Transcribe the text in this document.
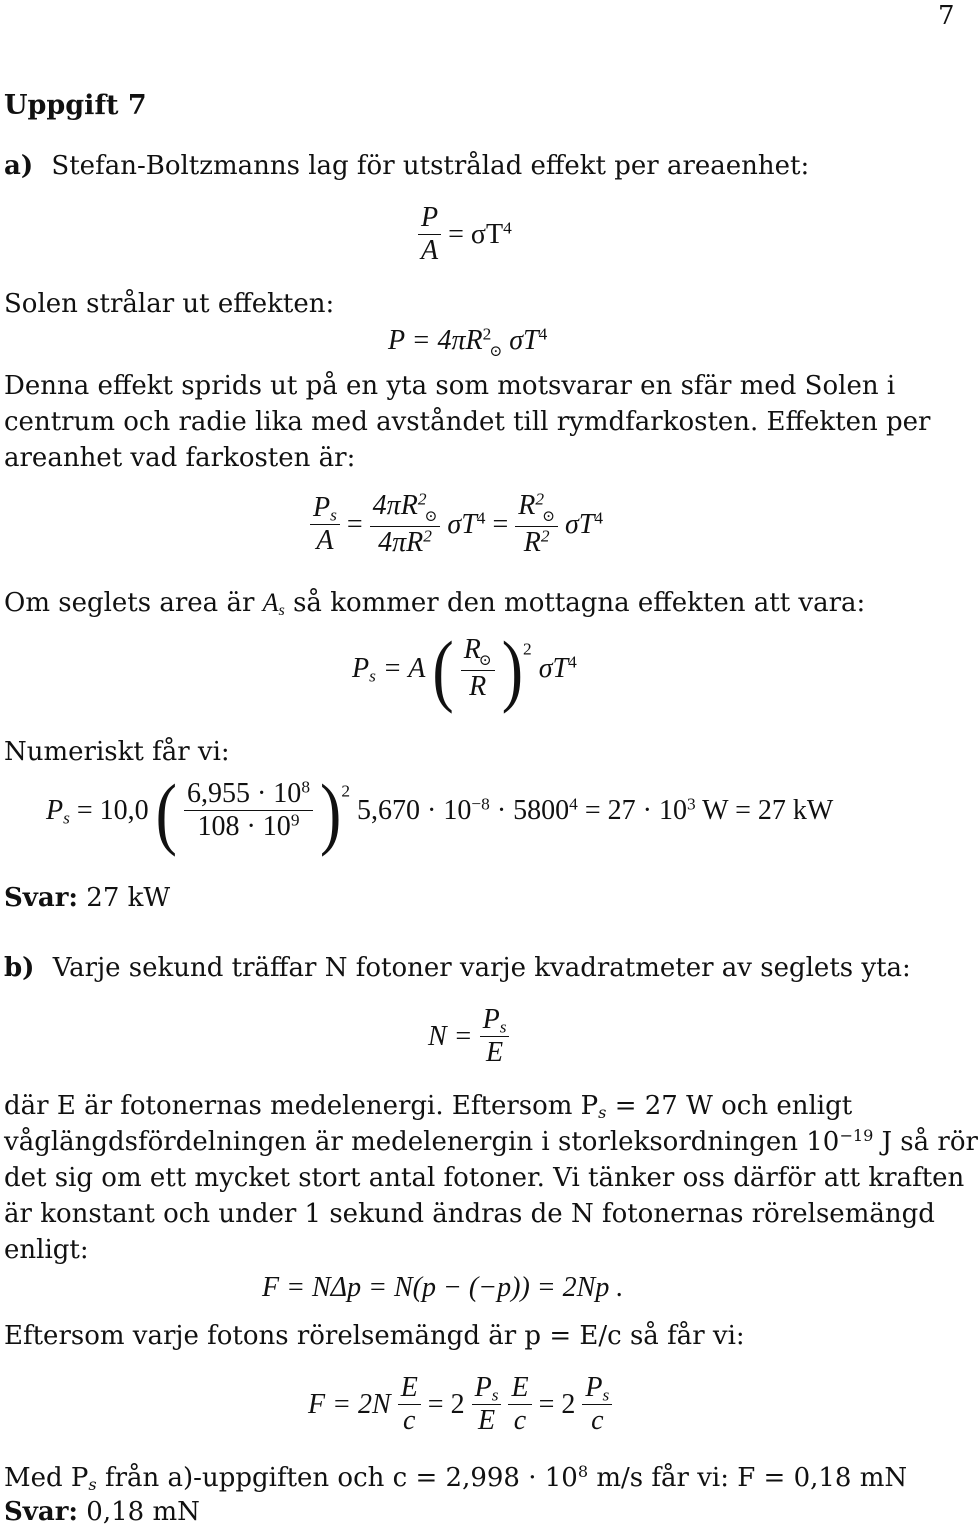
7
Uppgift 7
a) Stefan-Boltzmanns lag för utstrålad effekt per areaenhet:
$\frac{P}{A} = \sigma T^4$
Solen strålar ut effekten:
$P = 4\pi R^2_⊙$ $\sigma T^4$
Denna effekt sprids ut på en yta som motsvarar en sfär med Solen i
centrum och radie lika med avståndet till rymdfarkosten. Effekten per
areanhet vad farkosten är:
$\frac{P_s}{A} = \frac{4\pi R^2_⊙}{4\pi R^2} \sigma T^4 = \frac{R^2_⊙}{R^2} \sigma T^4$
Om seglets area är $A_s$ så kommer den mottagna effekten att vara:
$P_s = A$ ( $\frac{R_⊙}{R} )^2$ $\sigma T^4$
Numeriskt får vi:
$P_s = 10,0$ ( $\frac{6,955 \cdot 10^8}{108 \cdot 10^9} )^2$ $5,670 \cdot 10^{-8} \cdot 5800^4 = 27 \cdot 10^3$ W = 27 kW
Svar: 27 kW
b) Varje sekund träffar N fotoner varje kvadratmeter av seglets yta:
$N = \frac{P_s}{E}$
där E är fotonernas medelenergi. Eftersom $P_s = 27$ W och enligt
våglängdsfördelningen är medelenergin i storleksordningen $10^{-19}$ J så rör
det sig om ett mycket stort antal fotoner. Vi tänker oss därför att kraften
är konstant och under 1 sekund ändras de N fotonernas rörelsemängd
enligt:
F = NΔp = N(p − (−p)) = 2Np .
Eftersom varje fotons rörelsemängd är p = E/c så får vi:
$F = 2N \frac{E}{c} = 2 \frac{P_s}{E}$
$\frac{E}{c} = 2 \frac{P_s}{c}$
Med $P_s$ från a)-uppgiften och $c = 2,998 \cdot 10^8$ m/s får vi: F = 0,18 mN
Svar: 0,18 mN
